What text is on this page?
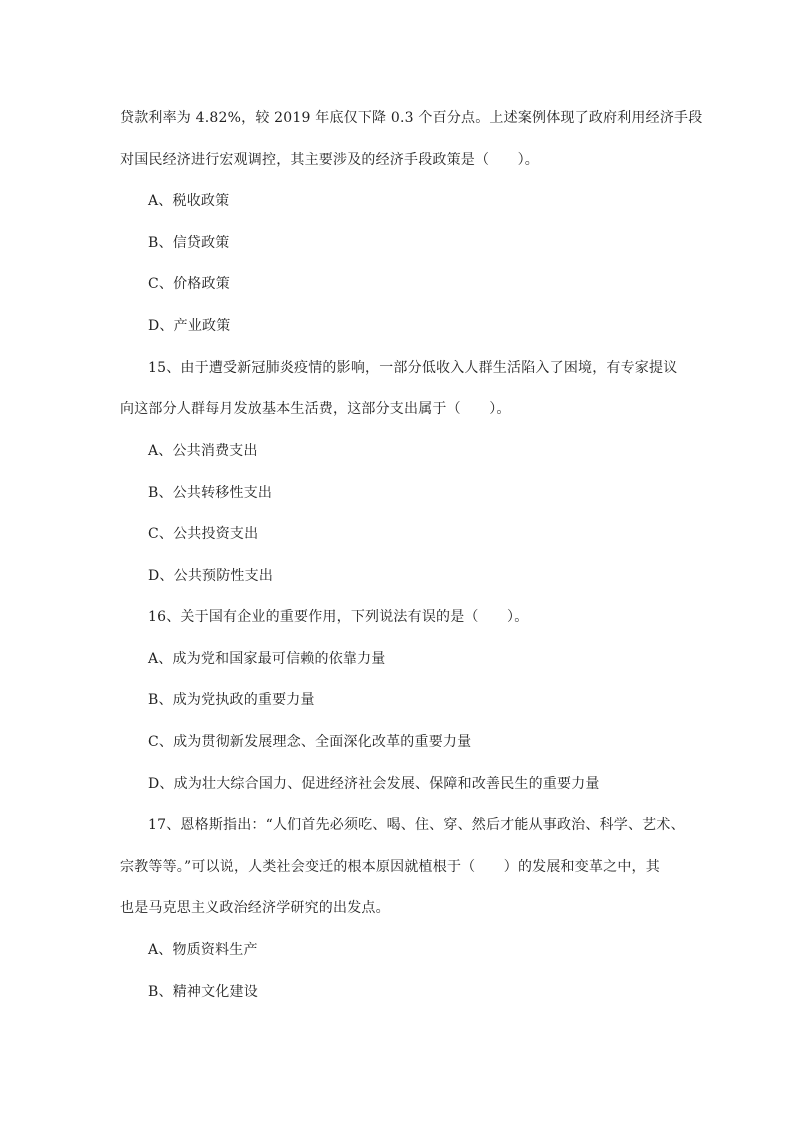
贷款利率为 4.82%，较 2019 年底仅下降 0.3 个百分点。上述案例体现了政府利用经济手段
对国民经济进行宏观调控，其主要涉及的经济手段政策是（　　）。
A、税收政策
B、信贷政策
C、价格政策
D、产业政策
15、由于遭受新冠肺炎疫情的影响，一部分低收入人群生活陷入了困境，有专家提议
向这部分人群每月发放基本生活费，这部分支出属于（　　）。
A、公共消费支出
B、公共转移性支出
C、公共投资支出
D、公共预防性支出
16、关于国有企业的重要作用，下列说法有误的是（　　）。
A、成为党和国家最可信赖的依靠力量
B、成为党执政的重要力量
C、成为贯彻新发展理念、全面深化改革的重要力量
D、成为壮大综合国力、促进经济社会发展、保障和改善民生的重要力量
17、恩格斯指出：“人们首先必须吃、喝、住、穿、然后才能从事政治、科学、艺术、
宗教等等。”可以说，人类社会变迁的根本原因就植根于（　　）的发展和变革之中，其
也是马克思主义政治经济学研究的出发点。
A、物质资料生产
B、精神文化建设
